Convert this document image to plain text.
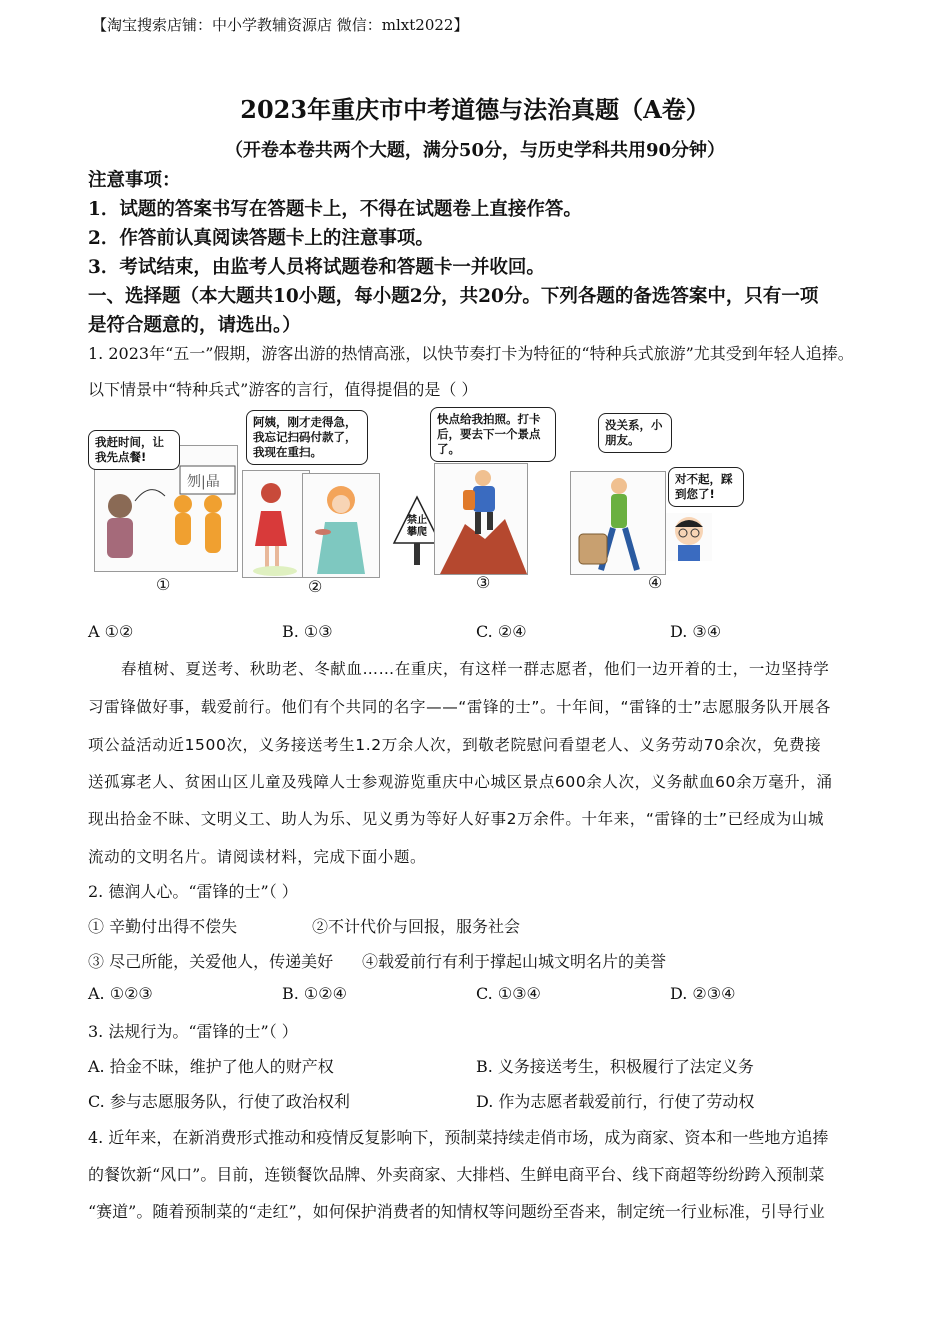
【淘宝搜索店铺：中小学教辅资源店 微信：mlxt2022】
2023年重庆市中考道德与法治真题（A卷）
（开卷本卷共两个大题，满分50分，与历史学科共用90分钟）
注意事项：
1．试题的答案书写在答题卡上，不得在试题卷上直接作答。
2．作答前认真阅读答题卡上的注意事项。
3．考试结束，由监考人员将试题卷和答题卡一并收回。
一、选择题（本大题共10小题，每小题2分，共20分。下列各题的备选答案中，只有一项
是符合题意的，请选出。）
1. 2023年“五一”假期，游客出游的热情高涨，以快节奏打卡为特征的“特种兵式旅游”尤其受到年轻人追捧。
以下情景中“特种兵式”游客的言行，值得提倡的是（ ）
刎|晶
我赶时间，让我先点餐!
①
阿姨，刚才走得急，我忘记扫码付款了，我现在重扫。
②
禁止攀爬
快点给我拍照。打卡后，要去下一个景点了。
③
没关系，小朋友。
对不起，踩到您了!
④
A ①②	B. ①③	C. ②④	D. ③④
春植树、夏送考、秋助老、冬献血……在重庆，有这样一群志愿者，他们一边开着的士，一边坚持学
习雷锋做好事，载爱前行。他们有个共同的名字——“雷锋的士”。十年间，“雷锋的士”志愿服务队开展各
项公益活动近1500次，义务接送考生1.2万余人次，到敬老院慰问看望老人、义务劳动70余次，免费接
送孤寡老人、贫困山区儿童及残障人士参观游览重庆中心城区景点600余人次，义务献血60余万毫升，涌
现出拾金不昧、文明义工、助人为乐、见义勇为等好人好事2万余件。十年来，“雷锋的士”已经成为山城
流动的文明名片。请阅读材料，完成下面小题。
2. 德润人心。“雷锋的士”（ ）
① 辛勤付出得不偿失	②不计代价与回报，服务社会
③ 尽己所能，关爱他人，传递美好 ④载爱前行有利于撑起山城文明名片的美誉
A. ①②③	B. ①②④	C. ①③④	D. ②③④
3. 法规行为。“雷锋的士”（ ）
A. 拾金不昧，维护了他人的财产权	B. 义务接送考生，积极履行了法定义务
C. 参与志愿服务队，行使了政治权利	D. 作为志愿者载爱前行，行使了劳动权
4. 近年来，在新消费形式推动和疫情反复影响下，预制菜持续走俏市场，成为商家、资本和一些地方追捧
的餐饮新“风口”。目前，连锁餐饮品牌、外卖商家、大排档、生鲜电商平台、线下商超等纷纷跨入预制菜
“赛道”。随着预制菜的“走红”，如何保护消费者的知情权等问题纷至沓来，制定统一行业标准，引导行业
